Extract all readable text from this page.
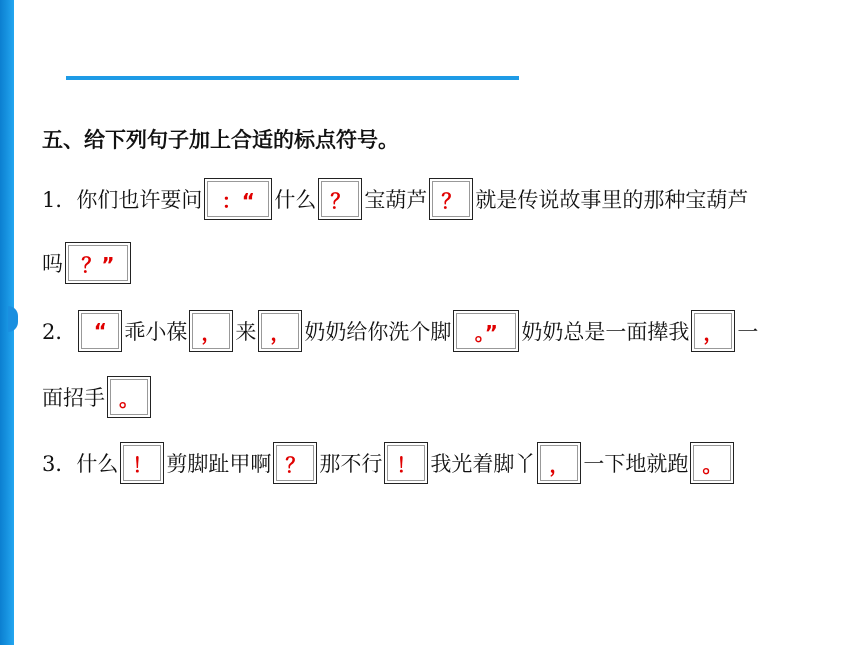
五、给下列句子加上合适的标点符号。
1．你们也许要问 ：“ 什么 ？ 宝葫芦 ？ 就是传说故事里的那种宝葫芦
吗 ？”
2． “ 乖小葆 ， 来 ， 奶奶给你洗个脚 。” 奶奶总是一面撵我 ， 一
面招手 。
3．什么 ！ 剪脚趾甲啊 ？ 那不行 ！ 我光着脚丫 ， 一下地就跑 。
